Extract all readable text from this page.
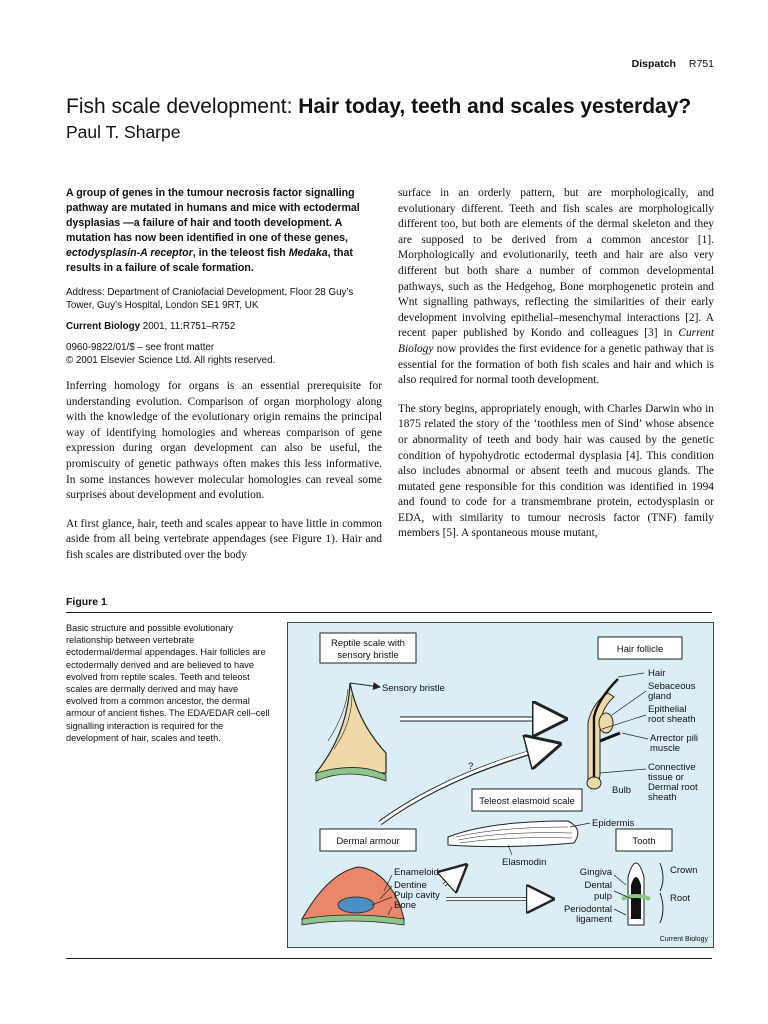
Dispatch R751
Fish scale development: Hair today, teeth and scales yesterday?
Paul T. Sharpe

A group of genes in the tumour necrosis factor signalling pathway are mutated in humans and mice with ectodermal dysplasias —a failure of hair and tooth development. A mutation has now been identified in one of these genes, ectodysplasin-A receptor, in the teleost fish Medaka, that results in a failure of scale formation.

Address: Department of Craniofacial Development, Floor 28 Guy’s Tower, Guy’s Hospital, London SE1 9RT, UK

Current Biology 2001, 11:R751–R752

0960-9822/01/$ – see front matter
© 2001 Elsevier Science Ltd. All rights reserved.

Inferring homology for organs is an essential prerequisite for understanding evolution. Comparison of organ morphology along with the knowledge of the evolutionary origin remains the principal way of identifying homologies and whereas comparison of gene expression during organ development can also be useful, the promiscuity of genetic pathways often makes this less informative. In some instances however molecular homologies can reveal some surprises about development and evolution.

At first glance, hair, teeth and scales appear to have little in common aside from all being vertebrate appendages (see Figure 1). Hair and fish scales are distributed over the body

surface in an orderly pattern, but are morphologically, and evolutionary different. Teeth and fish scales are morphologically different too, but both are elements of the dermal skeleton and they are supposed to be derived from a common ancestor [1]. Morphologically and evolutionarily, teeth and hair are also very different but both share a number of common developmental pathways, such as the Hedgehog, Bone morphogenetic protein and Wnt signalling pathways, reflecting the similarities of their early development involving epithelial–mesenchymal interactions [2]. A recent paper published by Kondo and colleagues [3] in Current Biology now provides the first evidence for a genetic pathway that is essential for the formation of both fish scales and hair and which is also required for normal tooth development.

The story begins, appropriately enough, with Charles Darwin who in 1875 related the story of the ‘toothless men of Sind’ whose absence or abnormality of teeth and body hair was caused by the genetic condition of hypohydrotic ectodermal dysplasia [4]. This condition also includes abnormal or absent teeth and mucous glands. The mutated gene responsible for this condition was identified in 1994 and found to code for a transmembrane protein, ectodysplasin or EDA, with similarity to tumour necrosis factor (TNF) family members [5]. A spontaneous mouse mutant,

Figure 1
Basic structure and possible evolutionary relationship between vertebrate ectodermal/dermal appendages. Hair follicles are ectodermally derived and are believed to have evolved from reptile scales. Teeth and teleost scales are dermally derived and may have evolved from a common ancestor, the dermal armour of ancient fishes. The EDA/EDAR cell–cell signalling interaction is required for the development of hair, scales and teeth.
Reptile scale with
sensory bristle
Sensory bristle
Hair follicle
Hair
Sebaceous
gland
Epithelial
root sheath
Arrector pili
muscle
Connective
tissue or
Dermal root
sheath
Bulb
?
Teleost elasmoid scale
Epidermis
Elasmodin
Tooth
Dermal armour
Enameloid
Dentine
Pulp cavity
Bone
Gingiva
Dental
pulp
Periodontal
ligament
Crown
Root
Current Biology
